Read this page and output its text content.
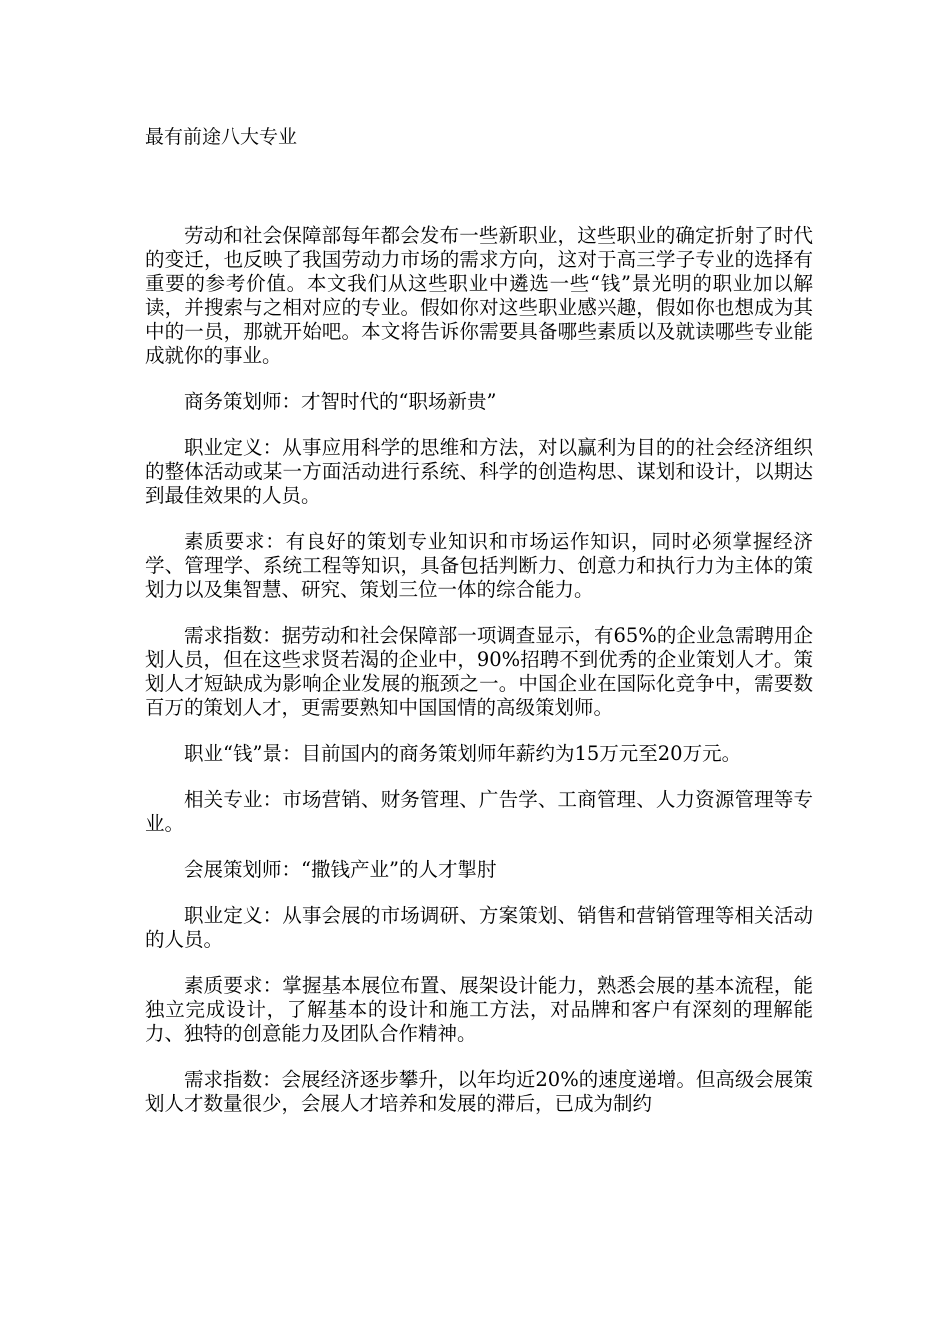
最有前途八大专业

劳动和社会保障部每年都会发布一些新职业，这些职业的确定折射了时代的变迁，也反映了我国劳动力市场的需求方向，这对于高三学子专业的选择有重要的参考价值。本文我们从这些职业中遴选一些“钱”景光明的职业加以解读，并搜索与之相对应的专业。假如你对这些职业感兴趣，假如你也想成为其中的一员，那就开始吧。本文将告诉你需要具备哪些素质以及就读哪些专业能成就你的事业。

商务策划师：才智时代的“职场新贵”

职业定义：从事应用科学的思维和方法，对以赢利为目的的社会经济组织的整体活动或某一方面活动进行系统、科学的创造构思、谋划和设计，以期达到最佳效果的人员。

素质要求：有良好的策划专业知识和市场运作知识，同时必须掌握经济学、管理学、系统工程等知识，具备包括判断力、创意力和执行力为主体的策划力以及集智慧、研究、策划三位一体的综合能力。

需求指数：据劳动和社会保障部一项调查显示，有65%的企业急需聘用企划人员，但在这些求贤若渴的企业中，90%招聘不到优秀的企业策划人才。策划人才短缺成为影响企业发展的瓶颈之一。中国企业在国际化竞争中，需要数百万的策划人才，更需要熟知中国国情的高级策划师。

职业“钱”景：目前国内的商务策划师年薪约为15万元至20万元。

相关专业：市场营销、财务管理、广告学、工商管理、人力资源管理等专业。

会展策划师：“撒钱产业”的人才掣肘

职业定义：从事会展的市场调研、方案策划、销售和营销管理等相关活动的人员。

素质要求：掌握基本展位布置、展架设计能力，熟悉会展的基本流程，能独立完成设计，了解基本的设计和施工方法，对品牌和客户有深刻的理解能力、独特的创意能力及团队合作精神。

需求指数：会展经济逐步攀升，以年均近20%的速度递增。但高级会展策划人才数量很少，会展人才培养和发展的滞后，已成为制约
